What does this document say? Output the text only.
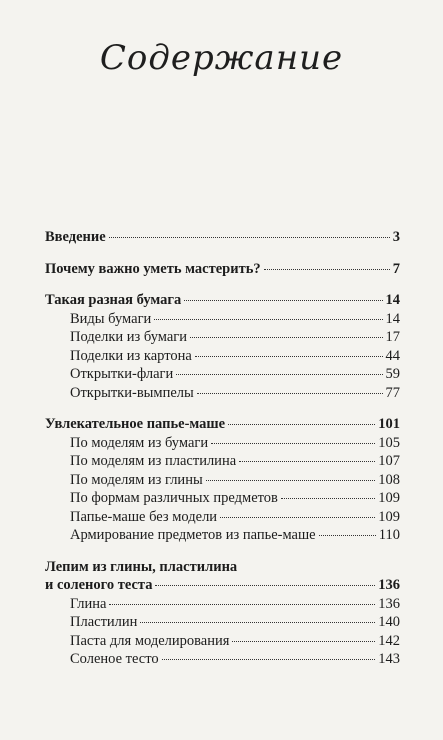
Содержание
Введение	3
Почему важно уметь мастерить?	7
Такая разная бумага	14
Виды бумаги	14
Поделки из бумаги	17
Поделки из картона	44
Открытки-флаги	59
Открытки-вымпелы	77
Увлекательное папье-маше	101
По моделям из бумаги	105
По моделям из пластилина	107
По моделям из глины	108
По формам различных предметов	109
Папье-маше без модели	109
Армирование предметов из папье-маше	110
Лепим из глины, пластилина
и соленого теста	136
Глина	136
Пластилин	140
Паста для моделирования	142
Соленое тесто	143
